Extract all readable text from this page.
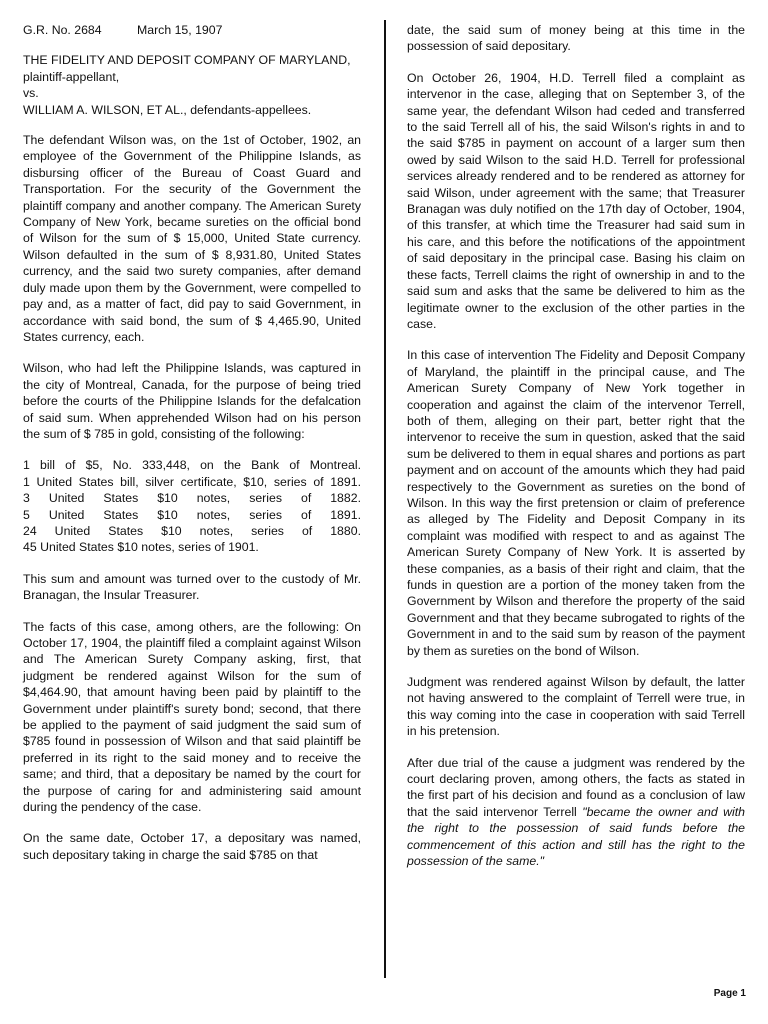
G.R. No. 2684	March 15, 1907
THE FIDELITY AND DEPOSIT COMPANY OF MARYLAND,
plaintiff-appellant,
vs.
WILLIAM A. WILSON, ET AL., defendants-appellees.

The defendant Wilson was, on the 1st of October, 1902, an employee of the Government of the Philippine Islands, as disbursing officer of the Bureau of Coast Guard and Transportation. For the security of the Government the plaintiff company and another company. The American Surety Company of New York, became sureties on the official bond of Wilson for the sum of $ 15,000, United State currency. Wilson defaulted in the sum of $ 8,931.80, United States currency, and the said two surety companies, after demand duly made upon them by the Government, were compelled to pay and, as a matter of fact, did pay to said Government, in accordance with said bond, the sum of $ 4,465.90, United States currency, each.

Wilson, who had left the Philippine Islands, was captured in the city of Montreal, Canada, for the purpose of being tried before the courts of the Philippine Islands for the defalcation of said sum. When apprehended Wilson had on his person the sum of $ 785 in gold, consisting of the following:

1 bill of $5, No. 333,448, on the Bank of Montreal.
1 United States bill, silver certificate, $10, series of 1891.
3 United States $10 notes, series of 1882.
5 United States $10 notes, series of 1891.
24 United States $10 notes, series of 1880.
45 United States $10 notes, series of 1901.

This sum and amount was turned over to the custody of Mr. Branagan, the Insular Treasurer.

The facts of this case, among others, are the following: On October 17, 1904, the plaintiff filed a complaint against Wilson and The American Surety Company asking, first, that judgment be rendered against Wilson for the sum of $4,464.90, that amount having been paid by plaintiff to the Government under plaintiff's surety bond; second, that there be applied to the payment of said judgment the said sum of $785 found in possession of Wilson and that said plaintiff be preferred in its right to the said money and to receive the same; and third, that a depositary be named by the court for the purpose of caring for and administering said amount during the pendency of the case.

On the same date, October 17, a depositary was named, such depositary taking in charge the said $785 on that

date, the said sum of money being at this time in the possession of said depositary.

On October 26, 1904, H.D. Terrell filed a complaint as intervenor in the case, alleging that on September 3, of the same year, the defendant Wilson had ceded and transferred to the said Terrell all of his, the said Wilson's rights in and to the said $785 in payment on account of a larger sum then owed by said Wilson to the said H.D. Terrell for professional services already rendered and to be rendered as attorney for said Wilson, under agreement with the same; that Treasurer Branagan was duly notified on the 17th day of October, 1904, of this transfer, at which time the Treasurer had said sum in his care, and this before the notifications of the appointment of said depositary in the principal case. Basing his claim on these facts, Terrell claims the right of ownership in and to the said sum and asks that the same be delivered to him as the legitimate owner to the exclusion of the other parties in the case.

In this case of intervention The Fidelity and Deposit Company of Maryland, the plaintiff in the principal cause, and The American Surety Company of New York together in cooperation and against the claim of the intervenor Terrell, both of them, alleging on their part, better right that the intervenor to receive the sum in question, asked that the said sum be delivered to them in equal shares and portions as part payment and on account of the amounts which they had paid respectively to the Government as sureties on the bond of Wilson. In this way the first pretension or claim of preference as alleged by The Fidelity and Deposit Company in its complaint was modified with respect to and as against The American Surety Company of New York. It is asserted by these companies, as a basis of their right and claim, that the funds in question are a portion of the money taken from the Government by Wilson and therefore the property of the said Government and that they became subrogated to rights of the Government in and to the said sum by reason of the payment by them as sureties on the bond of Wilson.

Judgment was rendered against Wilson by default, the latter not having answered to the complaint of Terrell were true, in this way coming into the case in cooperation with said Terrell in his pretension.

After due trial of the cause a judgment was rendered by the court declaring proven, among others, the facts as stated in the first part of his decision and found as a conclusion of law that the said intervenor Terrell "became the owner and with the right to the possession of said funds before the commencement of this action and still has the right to the possession of the same."

Page 1
